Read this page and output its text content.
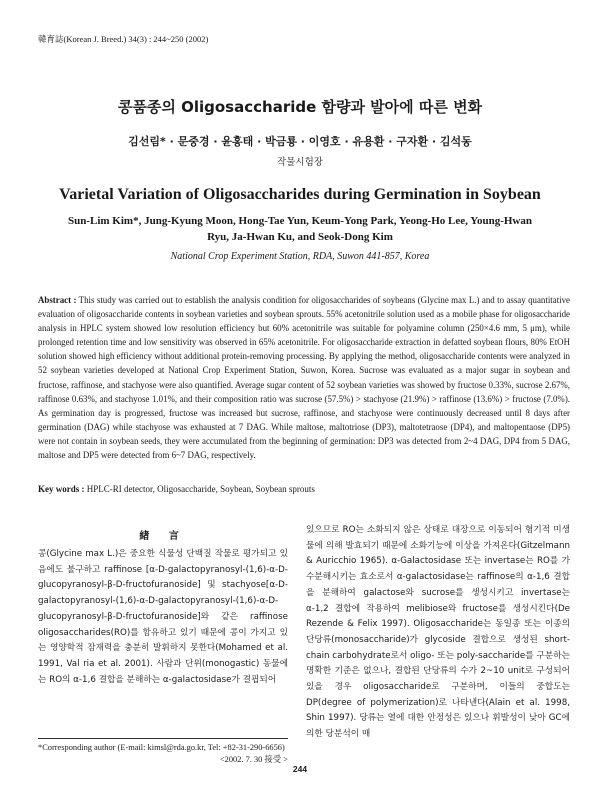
韓育誌(Korean J. Breed.) 34(3) : 244~250 (2002)
콩품종의 Oligosaccharide 함량과 발아에 따른 변화
김선림* · 문중경 · 윤홍태 · 박금룡 · 이영호 · 유용환 · 구자환 · 김석동
작물시험장
Varietal Variation of Oligosaccharides during Germination in Soybean
Sun-Lim Kim*, Jung-Kyung Moon, Hong-Tae Yun, Keum-Yong Park, Yeong-Ho Lee, Young-Hwan Ryu, Ja-Hwan Ku, and Seok-Dong Kim
National Crop Experiment Station, RDA, Suwon 441-857, Korea
Abstract : This study was carried out to establish the analysis condition for oligosaccharides of soybeans (Glycine max L.) and to assay quantitative evaluation of oligosaccharide contents in soybean varieties and soybean sprouts. 55% acetonitrile solution used as a mobile phase for oligosaccharide analysis in HPLC system showed low resolution efficiency but 60% acetonitrile was suitable for polyamine column (250×4.6 mm, 5 μm), while prolonged retention time and low sensitivity was observed in 65% acetonitrile. For oligosaccharide extraction in defatted soybean flours, 80% EtOH solution showed high efficiency without additional protein-removing processing. By applying the method, oligosaccharide contents were analyzed in 52 soybean varieties developed at National Crop Experiment Station, Suwon, Korea. Sucrose was evaluated as a major sugar in soybean and fructose, raffinose, and stachyose were also quantified. Average sugar content of 52 soybean varieties was showed by fructose 0.33%, sucrose 2.67%, raffinose 0.63%, and stachyose 1.01%, and their composition ratio was sucrose (57.5%) > stachyose (21.9%) > raffinose (13.6%) > fructose (7.0%). As germination day is progressed, fructose was increased but sucrose, raffinose, and stachyose were continuously decreased until 8 days after germination (DAG) while stachyose was exhausted at 7 DAG. While maltose, maltotriose (DP3), maltotetraose (DP4), and maltopentaose (DP5) were not contain in soybean seeds, they were accumulated from the beginning of germination: DP3 was detected from 2~4 DAG, DP4 from 5 DAG, maltose and DP5 were detected from 6~7 DAG, respectively.
Key words : HPLC-RI detector, Oligosaccharide, Soybean, Soybean sprouts
緖 言
콩(Glycine max L.)은 중요한 식물성 단백질 작물로 평가되고 있음에도 불구하고 raffinose [α-D-galactopyranosyl-(1,6)-α-D-glucopyranosyl-β-D-fructofuranoside] 및 stachyose[α-D-galactopyranosyl-(1,6)-α-D-galactopyranosyl-(1,6)-α-D-glucopyranosyl-β-D-fructofuranoside]와 같은 raffinose oligosaccharides(RO)를 함유하고 있기 때문에 콩이 가지고 있는 영양학적 잠재력을 충분히 발휘하지 못한다(Mohamed et al. 1991, Val ria et al. 2001). 사람과 단위(monogastic) 동물에는 RO의 α-1,6 결합을 분해하는 α-galactosidase가 결핍되어
있으므로 RO는 소화되지 않은 상태로 대장으로 이동되어 혐기적 미생물에 의해 발효되기 때문에 소화기능에 이상을 가져온다(Gitzelmann & Auricchio 1965). α-Galactosidase 또는 invertase는 RO를 가수분해시키는 효소로서 α-galactosidase는 raffinose의 α-1,6 결합을 분해하여 galactose와 sucrose를 생성시키고 invertase는 α-1,2 결합에 작용하여 melibiose와 fructose를 생성시킨다(De Rezende & Felix 1997). Oligosaccharide는 동일종 또는 이종의 단당류(monosaccharide)가 glycoside 결합으로 생성된 short-chain carbohydrate로서 oligo- 또는 poly-saccharide를 구분하는 명확한 기준은 없으나, 결합된 단당류의 수가 2~10 unit로 구성되어 있을 경우 oligosaccharide로 구분하며, 이들의 중합도는 DP(degree of polymerization)로 나타낸다(Alain et al. 1998, Shin 1997). 당류는 열에 대한 안정성은 있으나 휘발성이 낮아 GC에 의한 당분석이 매
*Corresponding author (E-mail: kimsl@rda.go.kr, Tel: +82-31-290-6656)
<2002. 7. 30 接受 >
244
